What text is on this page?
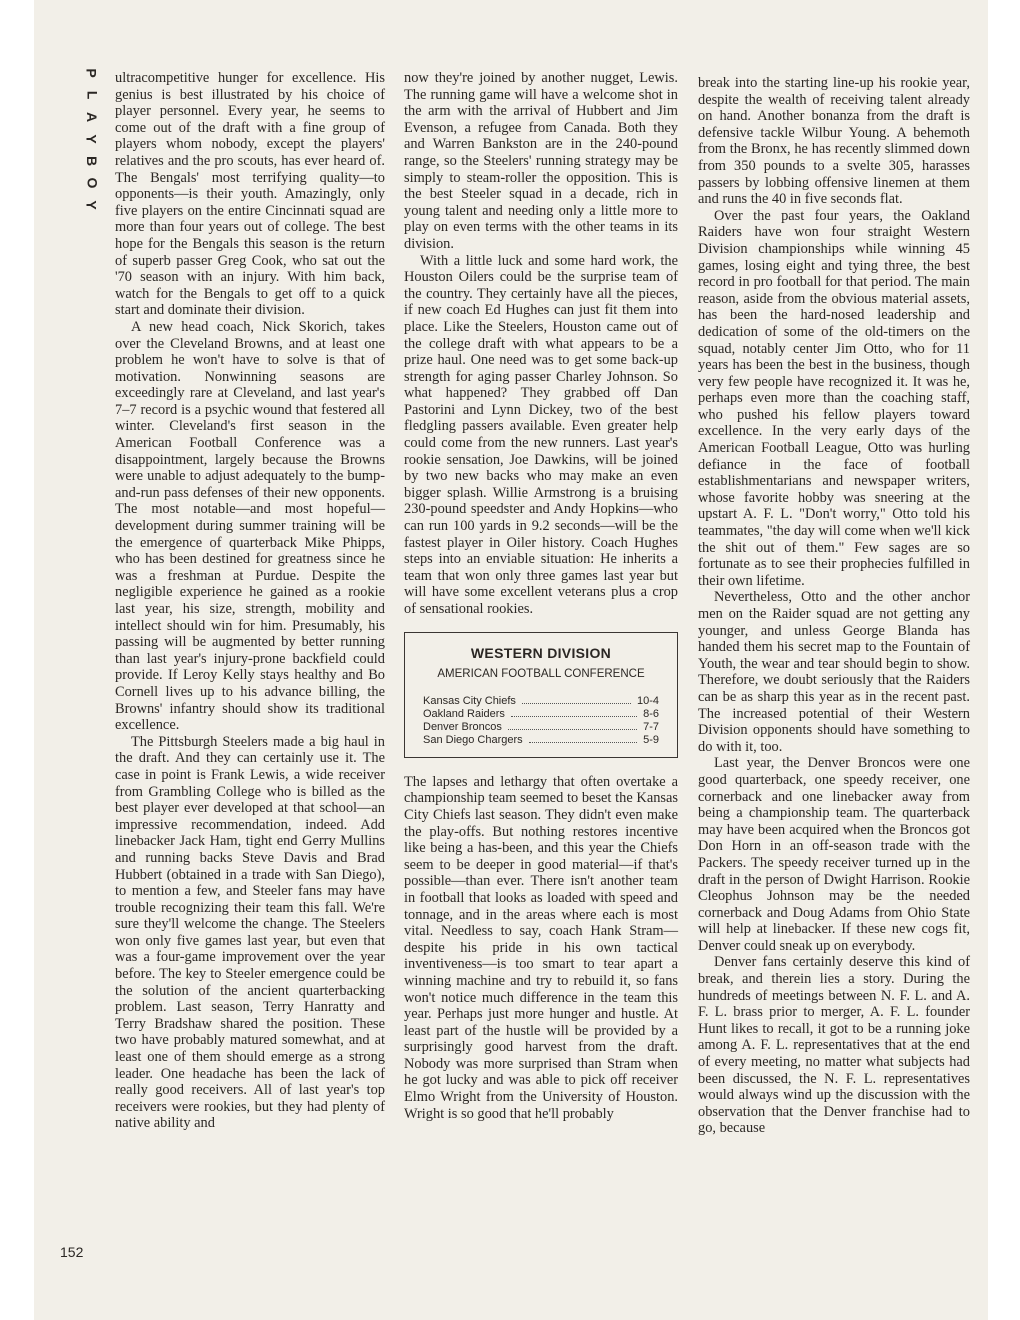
P
L
A
Y
B
O
Y

ultracompetitive hunger for excellence. His genius is best illustrated by his choice of player personnel. Every year, he seems to come out of the draft with a fine group of players whom nobody, except the players' relatives and the pro scouts, has ever heard of. The Bengals' most terrifying quality—to opponents—is their youth. Amazingly, only five players on the entire Cincinnati squad are more than four years out of college. The best hope for the Bengals this season is the return of superb passer Greg Cook, who sat out the '70 season with an injury. With him back, watch for the Bengals to get off to a quick start and dominate their division.

A new head coach, Nick Skorich, takes over the Cleveland Browns, and at least one problem he won't have to solve is that of motivation. Nonwinning seasons are exceedingly rare at Cleveland, and last year's 7–7 record is a psychic wound that festered all winter. Cleveland's first season in the American Football Conference was a disappointment, largely because the Browns were unable to adjust adequately to the bump-and-run pass defenses of their new opponents. The most notable—and most hopeful—development during summer training will be the emergence of quarterback Mike Phipps, who has been destined for greatness since he was a freshman at Purdue. Despite the negligible experience he gained as a rookie last year, his size, strength, mobility and intellect should win for him. Presumably, his passing will be augmented by better running than last year's injury-prone backfield could provide. If Leroy Kelly stays healthy and Bo Cornell lives up to his advance billing, the Browns' infantry should show its traditional excellence.

The Pittsburgh Steelers made a big haul in the draft. And they can certainly use it. The case in point is Frank Lewis, a wide receiver from Grambling College who is billed as the best player ever developed at that school—an impressive recommendation, indeed. Add linebacker Jack Ham, tight end Gerry Mullins and running backs Steve Davis and Brad Hubbert (obtained in a trade with San Diego), to mention a few, and Steeler fans may have trouble recognizing their team this fall. We're sure they'll welcome the change. The Steelers won only five games last year, but even that was a four-game improvement over the year before. The key to Steeler emergence could be the solution of the ancient quarterbacking problem. Last season, Terry Hanratty and Terry Bradshaw shared the position. These two have probably matured somewhat, and at least one of them should emerge as a strong leader. One headache has been the lack of really good receivers. All of last year's top receivers were rookies, but they had plenty of native ability and

now they're joined by another nugget, Lewis. The running game will have a welcome shot in the arm with the arrival of Hubbert and Jim Evenson, a refugee from Canada. Both they and Warren Bankston are in the 240-pound range, so the Steelers' running strategy may be simply to steam-roller the opposition. This is the best Steeler squad in a decade, rich in young talent and needing only a little more to play on even terms with the other teams in its division.

With a little luck and some hard work, the Houston Oilers could be the surprise team of the country. They certainly have all the pieces, if new coach Ed Hughes can just fit them into place. Like the Steelers, Houston came out of the college draft with what appears to be a prize haul. One need was to get some back-up strength for aging passer Charley Johnson. So what happened? They grabbed off Dan Pastorini and Lynn Dickey, two of the best fledgling passers available. Even greater help could come from the new runners. Last year's rookie sensation, Joe Dawkins, will be joined by two new backs who may make an even bigger splash. Willie Armstrong is a bruising 230-pound speedster and Andy Hopkins—who can run 100 yards in 9.2 seconds—will be the fastest player in Oiler history. Coach Hughes steps into an enviable situation: He inherits a team that won only three games last year but will have some excellent veterans plus a crop of sensational rookies.

WESTERN DIVISION
AMERICAN FOOTBALL CONFERENCE
Kansas City Chiefs	10-4
Oakland Raiders	8-6
Denver Broncos	7-7
San Diego Chargers	5-9

The lapses and lethargy that often overtake a championship team seemed to beset the Kansas City Chiefs last season. They didn't even make the play-offs. But nothing restores incentive like being a has-been, and this year the Chiefs seem to be deeper in good material—if that's possible—than ever. There isn't another team in football that looks as loaded with speed and tonnage, and in the areas where each is most vital. Needless to say, coach Hank Stram—despite his pride in his own tactical inventiveness—is too smart to tear apart a winning machine and try to rebuild it, so fans won't notice much difference in the team this year. Perhaps just more hunger and hustle. At least part of the hustle will be provided by a surprisingly good harvest from the draft. Nobody was more surprised than Stram when he got lucky and was able to pick off receiver Elmo Wright from the University of Houston. Wright is so good that he'll probably

break into the starting line-up his rookie year, despite the wealth of receiving talent already on hand. Another bonanza from the draft is defensive tackle Wilbur Young. A behemoth from the Bronx, he has recently slimmed down from 350 pounds to a svelte 305, harasses passers by lobbing offensive linemen at them and runs the 40 in five seconds flat.

Over the past four years, the Oakland Raiders have won four straight Western Division championships while winning 45 games, losing eight and tying three, the best record in pro football for that period. The main reason, aside from the obvious material assets, has been the hard-nosed leadership and dedication of some of the old-timers on the squad, notably center Jim Otto, who for 11 years has been the best in the business, though very few people have recognized it. It was he, perhaps even more than the coaching staff, who pushed his fellow players toward excellence. In the very early days of the American Football League, Otto was hurling defiance in the face of football establishmentarians and newspaper writers, whose favorite hobby was sneering at the upstart A. F. L. "Don't worry," Otto told his teammates, "the day will come when we'll kick the shit out of them." Few sages are so fortunate as to see their prophecies fulfilled in their own lifetime.

Nevertheless, Otto and the other anchor men on the Raider squad are not getting any younger, and unless George Blanda has handed them his secret map to the Fountain of Youth, the wear and tear should begin to show. Therefore, we doubt seriously that the Raiders can be as sharp this year as in the recent past. The increased potential of their Western Division opponents should have something to do with it, too.

Last year, the Denver Broncos were one good quarterback, one speedy receiver, one cornerback and one linebacker away from being a championship team. The quarterback may have been acquired when the Broncos got Don Horn in an off-season trade with the Packers. The speedy receiver turned up in the draft in the person of Dwight Harrison. Rookie Cleophus Johnson may be the needed cornerback and Doug Adams from Ohio State will help at linebacker. If these new cogs fit, Denver could sneak up on everybody.

Denver fans certainly deserve this kind of break, and therein lies a story. During the hundreds of meetings between N. F. L. and A. F. L. brass prior to merger, A. F. L. founder Hunt likes to recall, it got to be a running joke among A. F. L. representatives that at the end of every meeting, no matter what subjects had been discussed, the N. F. L. representatives would always wind up the discussion with the observation that the Denver franchise had to go, because

152
